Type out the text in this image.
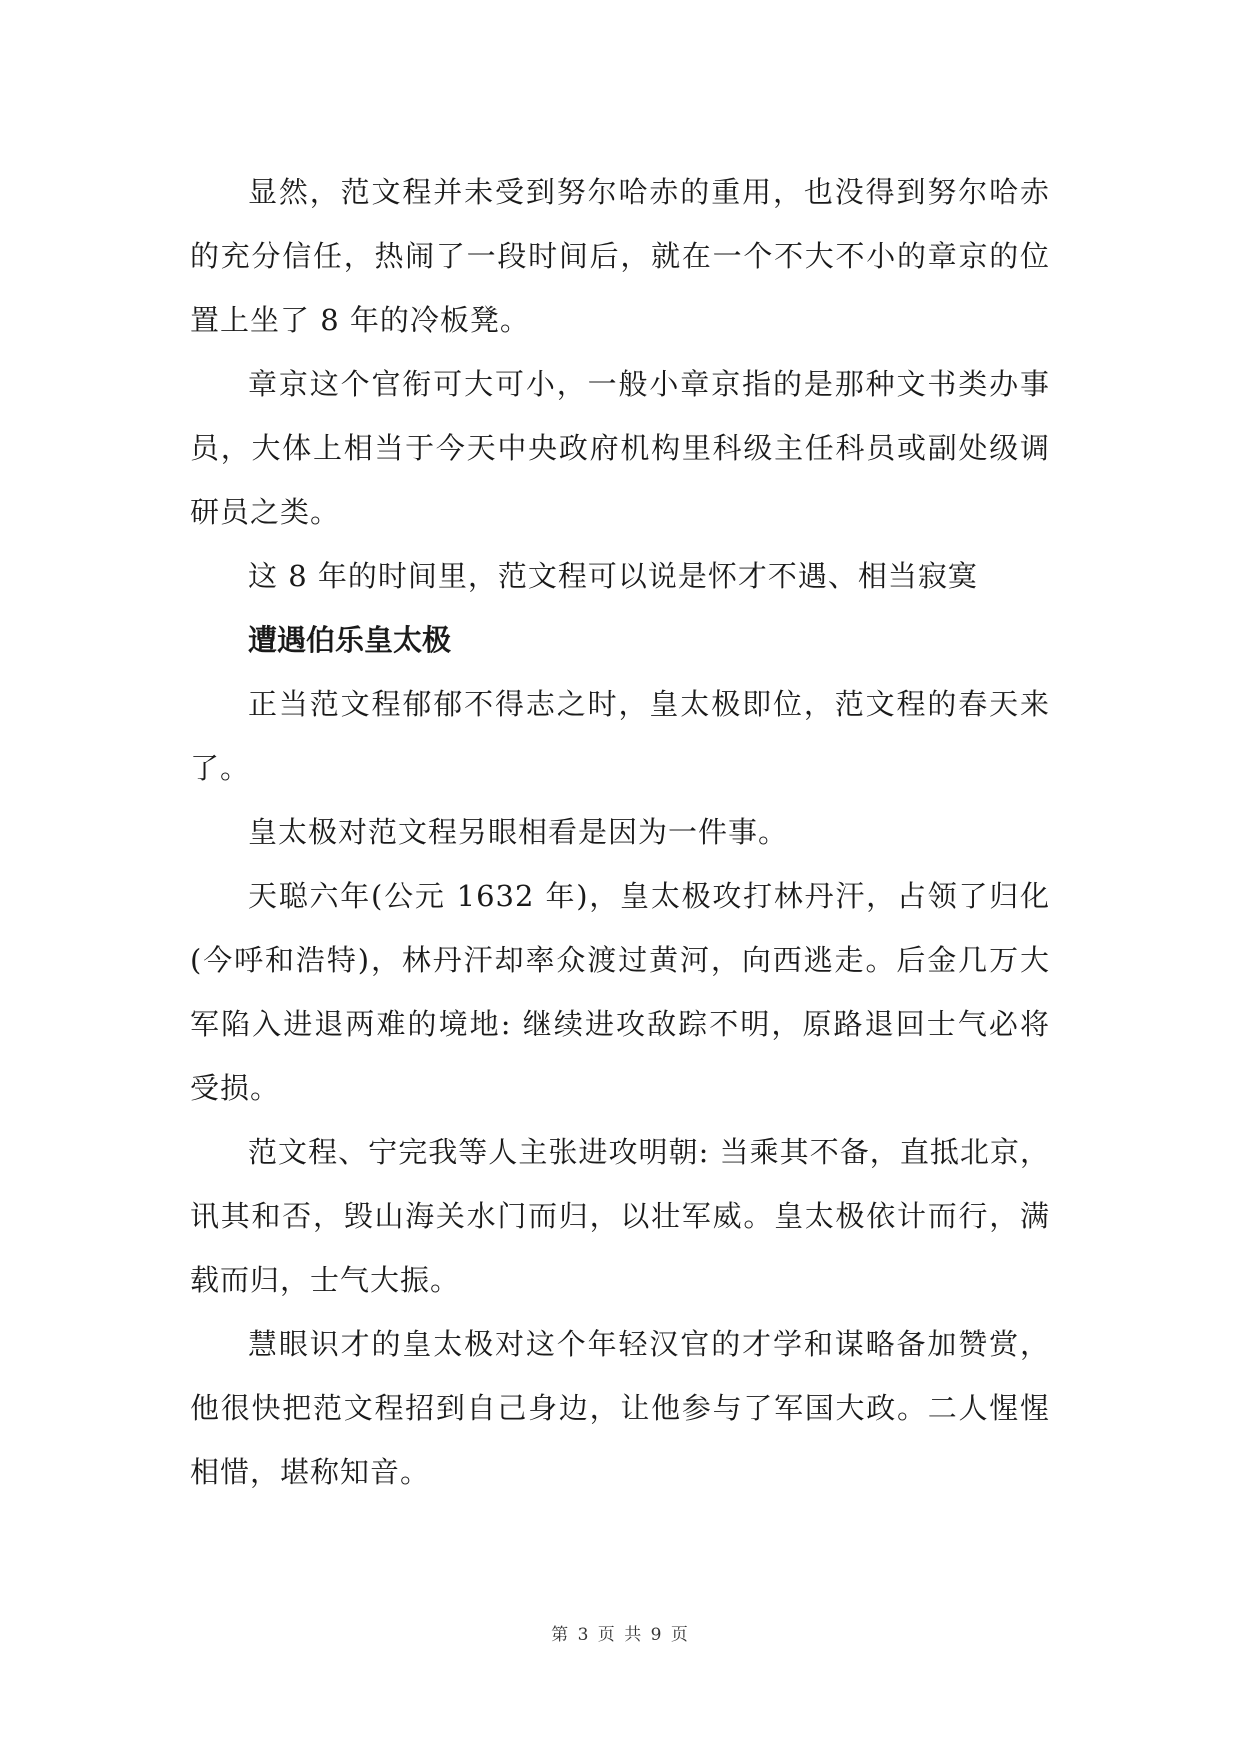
显然，范文程并未受到努尔哈赤的重用，也没得到努尔哈赤的充分信任，热闹了一段时间后，就在一个不大不小的章京的位置上坐了 8 年的冷板凳。

章京这个官衔可大可小，一般小章京指的是那种文书类办事员，大体上相当于今天中央政府机构里科级主任科员或副处级调研员之类。

这 8 年的时间里，范文程可以说是怀才不遇、相当寂寞

遭遇伯乐皇太极

正当范文程郁郁不得志之时，皇太极即位，范文程的春天来了。

皇太极对范文程另眼相看是因为一件事。

天聪六年(公元 1632 年)，皇太极攻打林丹汗，占领了归化(今呼和浩特)，林丹汗却率众渡过黄河，向西逃走。后金几万大军陷入进退两难的境地: 继续进攻敌踪不明，原路退回士气必将受损。

范文程、宁完我等人主张进攻明朝: 当乘其不备，直抵北京，讯其和否，毁山海关水门而归，以壮军威。皇太极依计而行，满载而归，士气大振。

慧眼识才的皇太极对这个年轻汉官的才学和谋略备加赞赏，他很快把范文程招到自己身边，让他参与了军国大政。二人惺惺相惜，堪称知音。

第 3 页 共 9 页
